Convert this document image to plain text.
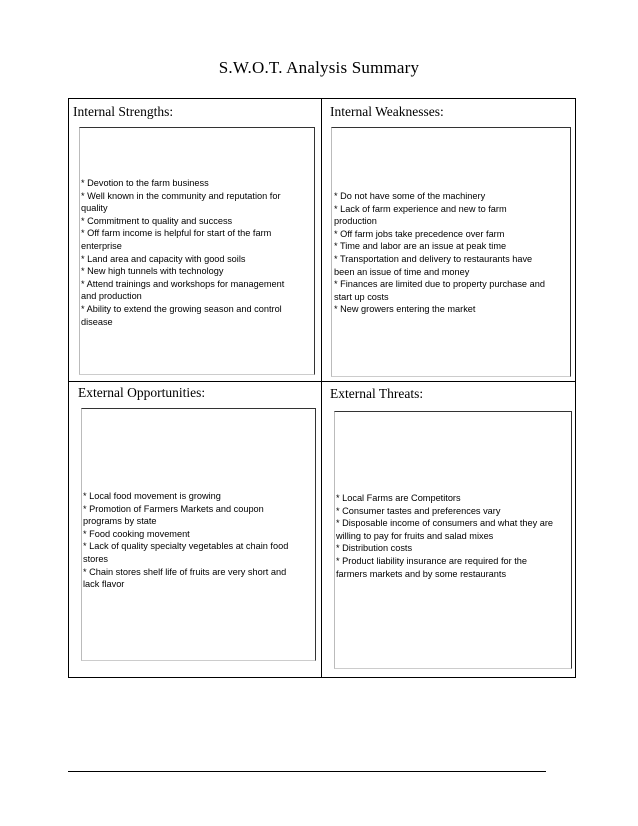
S.W.O.T. Analysis Summary
Internal Strengths:
* Devotion to the farm business
* Well known in the community and reputation for
quality
* Commitment to quality and success
* Off farm income is helpful for start of the farm
enterprise
* Land area and capacity with good soils
* New high tunnels with technology
* Attend trainings and workshops for management
and production
* Ability to extend the growing season and control
disease
Internal Weaknesses:
* Do not have some of the machinery
* Lack of farm experience and new to farm
production
* Off farm jobs take precedence over farm
* Time and labor are an issue at peak time
* Transportation and delivery to restaurants have
been an issue of time and money
* Finances are limited due to property purchase and
start up costs
* New growers entering the market
External Opportunities:
* Local food movement is growing
* Promotion of Farmers Markets and coupon
programs by state
* Food cooking movement
* Lack of quality specialty vegetables at chain food
stores
* Chain stores shelf life of fruits are very short and
lack flavor
External Threats:
* Local Farms are Competitors
* Consumer tastes and preferences vary
* Disposable income of consumers and what they are
willing to pay for fruits and salad mixes
* Distribution costs
* Product liability insurance are required for the
farmers markets and by some restaurants
